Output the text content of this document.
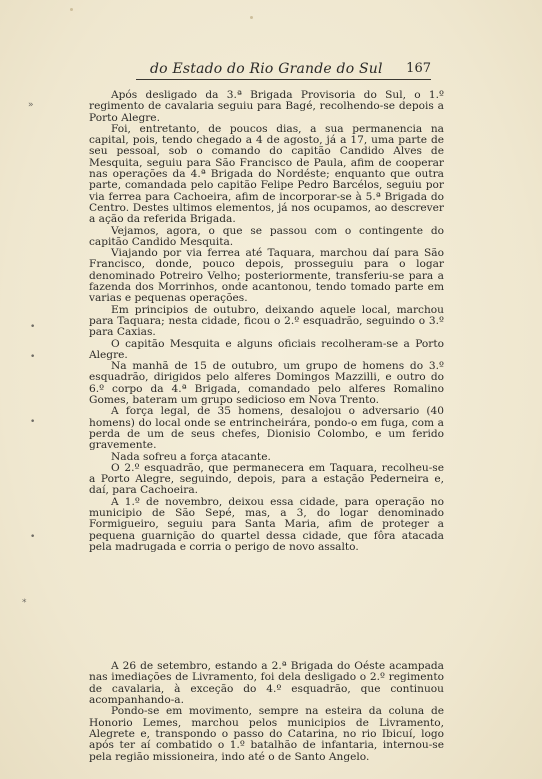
do Estado do Rio Grande do Sul 167
»
•
•
•
•
*

Após desligado da 3.ª Brigada Provisoria do Sul, o 1.º regimento de cavalaria seguiu para Bagé, recolhendo-se depois a Porto Alegre.

Foi, entretanto, de poucos dias, a sua permanencia na capital, pois, tendo chegado a 4 de agosto, já a 17, uma parte de seu pessoal, sob o comando do capitão Candido Alves de Mesquita, seguiu para São Francisco de Paula, afim de cooperar nas operações da 4.ª Brigada do Nordéste; enquanto que outra parte, comandada pelo capitão Felipe Pedro Barcélos, seguiu por via ferrea para Cachoeira, afim de incorporar-se à 5.ª Brigada do Centro. Destes ultimos elementos, já nos ocupamos, ao descrever a ação da referida Brigada.

Vejamos, agora, o que se passou com o contingente do capitão Candido Mesquita.

Viajando por via ferrea até Taquara, marchou daí para São Francisco, donde, pouco depois, prosseguiu para o logar denominado Potreiro Velho; posteriormente, transferiu-se para a fazenda dos Morrinhos, onde acantonou, tendo tomado parte em varias e pequenas operações.

Em principios de outubro, deixando aquele local, marchou para Taquara; nesta cidade, ficou o 2.º esquadrão, seguindo o 3.º para Caxias.

O capitão Mesquita e alguns oficiais recolheram-se a Porto Alegre.

Na manhã de 15 de outubro, um grupo de homens do 3.º esquadrão, dirigidos pelo alferes Domingos Mazzilli, e outro do 6.º corpo da 4.ª Brigada, comandado pelo alferes Romalino Gomes, bateram um grupo sedicioso em Nova Trento.

A força legal, de 35 homens, desalojou o adversario (40 homens) do local onde se entrincheirára, pondo-o em fuga, com a perda de um de seus chefes, Dionisio Colombo, e um ferido gravemente.

Nada sofreu a força atacante.

O 2.º esquadrão, que permanecera em Taquara, recolheu-se a Porto Alegre, seguindo, depois, para a estação Pederneira e, daí, para Cachoeira.

A 1.º de novembro, deixou essa cidade, para operação no municipio de São Sepé, mas, a 3, do logar denominado Formigueiro, seguiu para Santa Maria, afim de proteger a pequena guarnição do quartel dessa cidade, que fôra atacada pela madrugada e corria o perigo de novo assalto.

A 26 de setembro, estando a 2.ª Brigada do Oéste acampada nas imediações de Livramento, foi dela desligado o 2.º regimento de cavalaria, à exceção do 4.º esquadrão, que continuou acompanhando-a.

Pondo-se em movimento, sempre na esteira da coluna de Honorio Lemes, marchou pelos municipios de Livramento, Alegrete e, transpondo o passo do Catarina, no rio Ibicuí, logo após ter aí combatido o 1.º batalhão de infantaria, internou-se pela região missioneira, indo até o de Santo Angelo.
